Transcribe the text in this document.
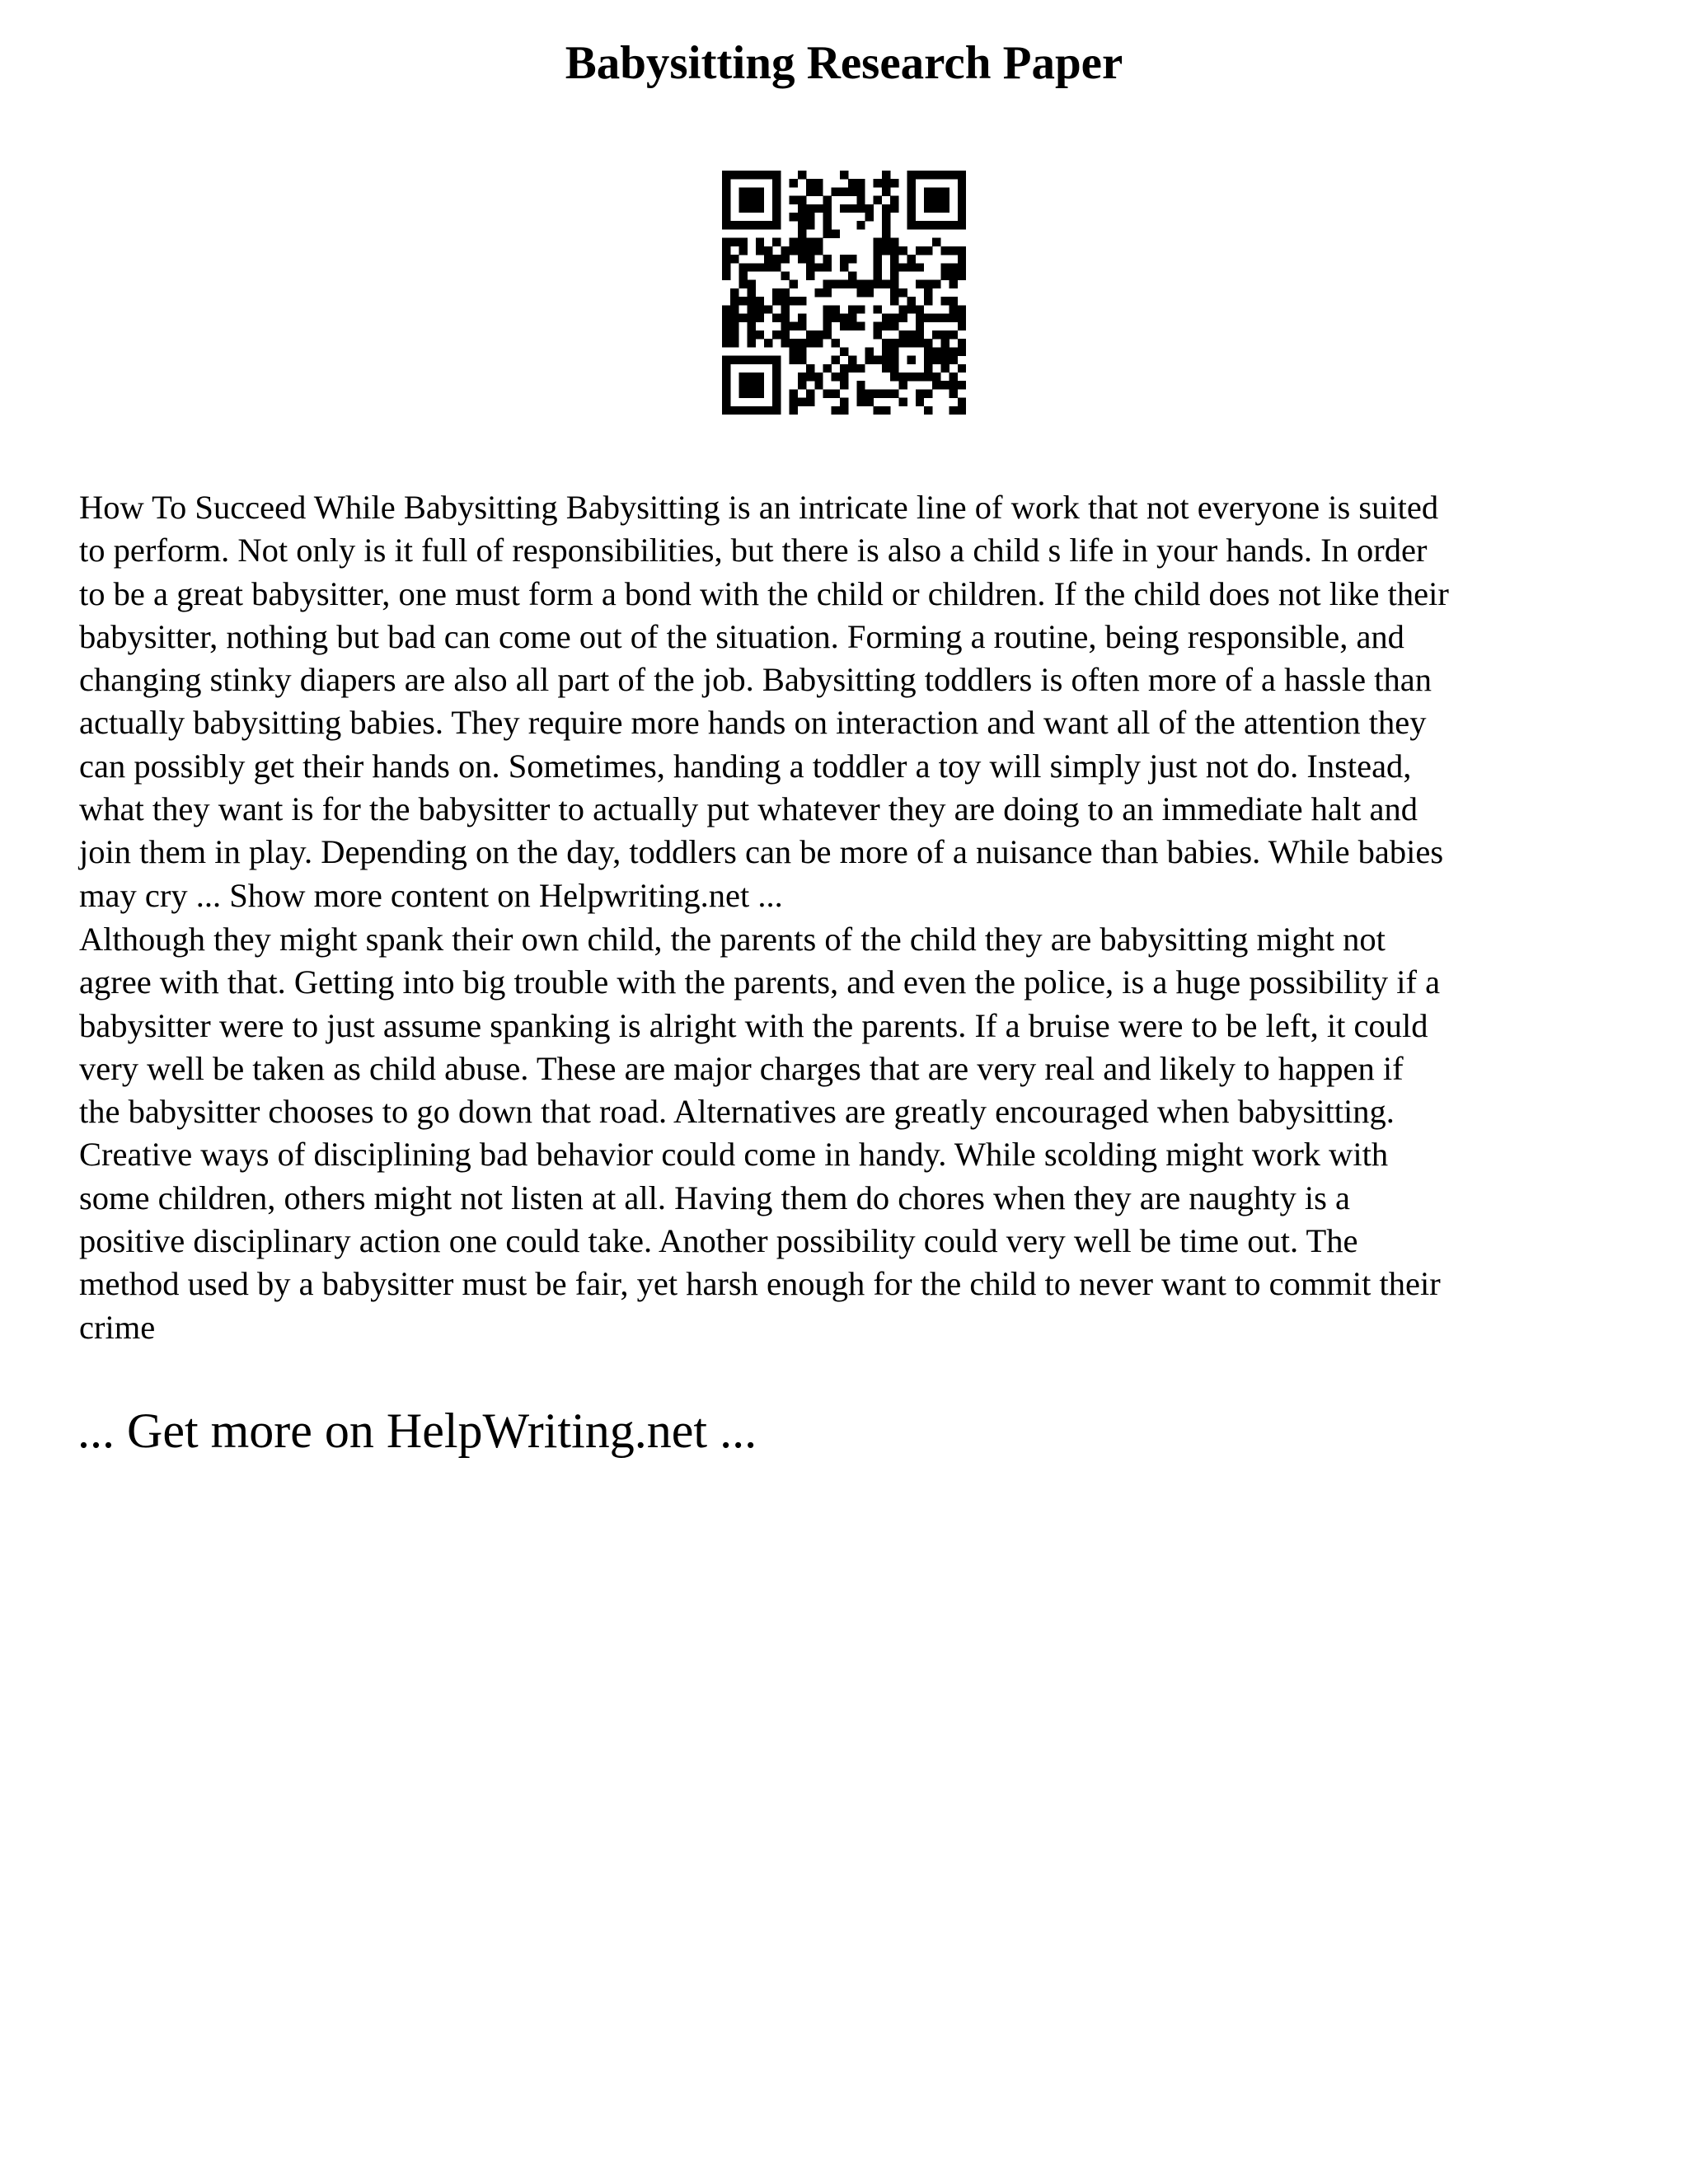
Babysitting Research Paper
How To Succeed While Babysitting Babysitting is an intricate line of work that not everyone is suited
to perform. Not only is it full of responsibilities, but there is also a child s life in your hands. In order
to be a great babysitter, one must form a bond with the child or children. If the child does not like their
babysitter, nothing but bad can come out of the situation. Forming a routine, being responsible, and
changing stinky diapers are also all part of the job. Babysitting toddlers is often more of a hassle than
actually babysitting babies. They require more hands on interaction and want all of the attention they
can possibly get their hands on. Sometimes, handing a toddler a toy will simply just not do. Instead,
what they want is for the babysitter to actually put whatever they are doing to an immediate halt and
join them in play. Depending on the day, toddlers can be more of a nuisance than babies. While babies
may cry ... Show more content on Helpwriting.net ...
Although they might spank their own child, the parents of the child they are babysitting might not
agree with that. Getting into big trouble with the parents, and even the police, is a huge possibility if a
babysitter were to just assume spanking is alright with the parents. If a bruise were to be left, it could
very well be taken as child abuse. These are major charges that are very real and likely to happen if
the babysitter chooses to go down that road. Alternatives are greatly encouraged when babysitting.
Creative ways of disciplining bad behavior could come in handy. While scolding might work with
some children, others might not listen at all. Having them do chores when they are naughty is a
positive disciplinary action one could take. Another possibility could very well be time out. The
method used by a babysitter must be fair, yet harsh enough for the child to never want to commit their
crime
... Get more on HelpWriting.net ...
